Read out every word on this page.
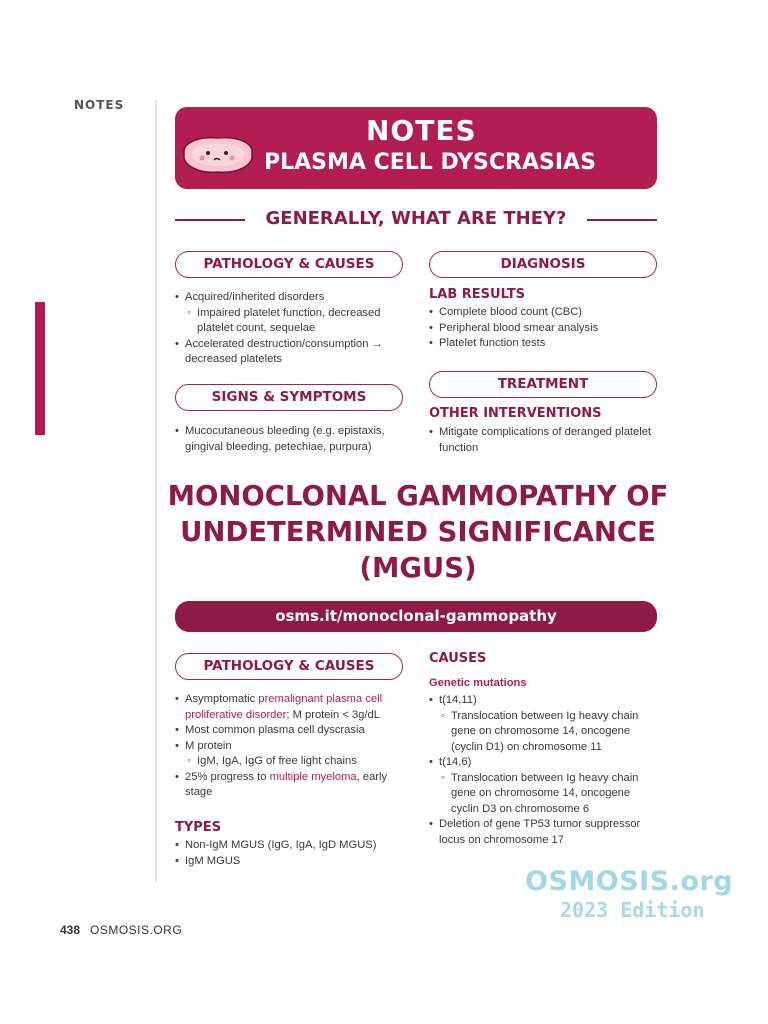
NOTES
NOTES
PLASMA CELL DYSCRASIAS
GENERALLY, WHAT ARE THEY?
PATHOLOGY & CAUSES
• Acquired/inherited disorders
◦ Impaired platelet function, decreased platelet count, sequelae
• Accelerated destruction/consumption → decreased platelets
SIGNS & SYMPTOMS
• Mucocutaneous bleeding (e.g. epistaxis, gingival bleeding, petechiae, purpura)
DIAGNOSIS
LAB RESULTS
• Complete blood count (CBC)
• Peripheral blood smear analysis
• Platelet function tests
TREATMENT
OTHER INTERVENTIONS
• Mitigate complications of deranged platelet function
MONOCLONAL GAMMOPATHY OF
UNDETERMINED SIGNIFICANCE
(MGUS)
osms.it/monoclonal-gammopathy
PATHOLOGY & CAUSES
• Asymptomatic premalignant plasma cell proliferative disorder; M protein < 3g/dL
• Most common plasma cell dyscrasia
• M protein
◦ IgM, IgA, IgG of free light chains
• 25% progress to multiple myeloma, early stage
TYPES
• Non-IgM MGUS (IgG, IgA, IgD MGUS)
• IgM MGUS
CAUSES
Genetic mutations
• t(14,11)
◦ Translocation between Ig heavy chain gene on chromosome 14, oncogene (cyclin D1) on chromosome 11
• t(14,6)
◦ Translocation between Ig heavy chain gene on chromosome 14, oncogene cyclin D3 on chromosome 6
• Deletion of gene TP53 tumor suppressor locus on chromosome 17
OSMOSIS.org
2023 Edition
438 OSMOSIS.ORG
